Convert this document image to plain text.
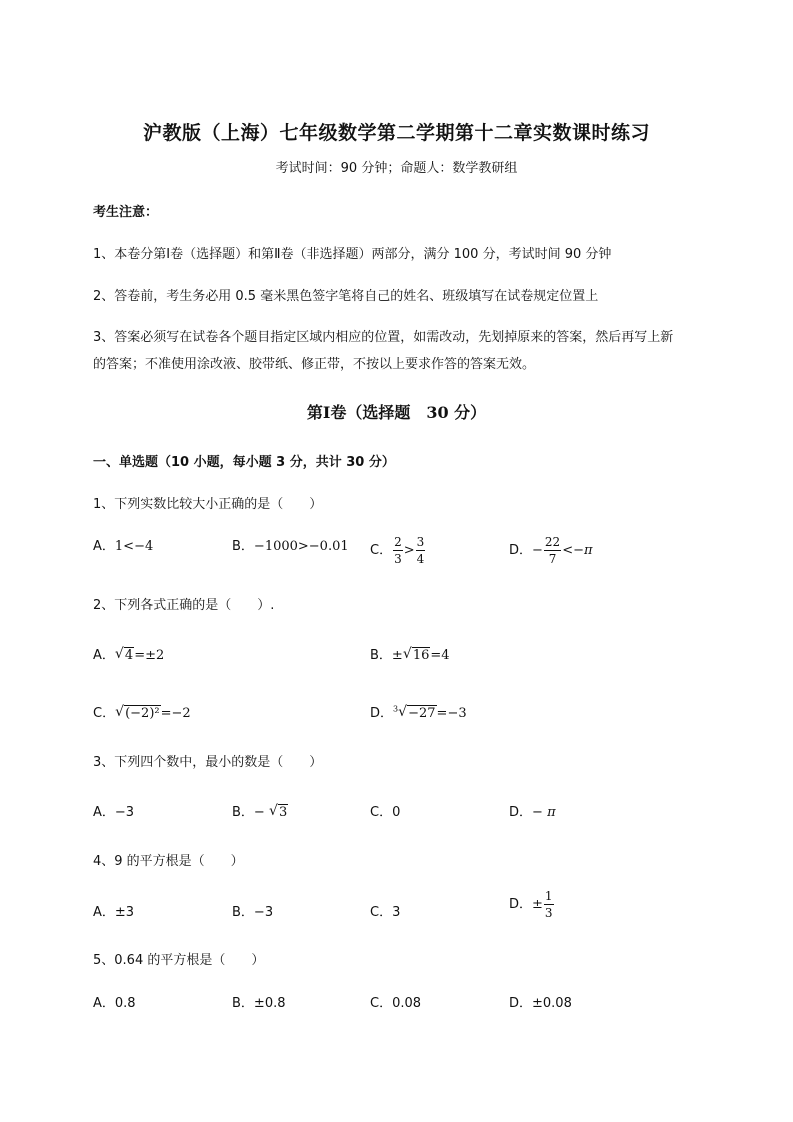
沪教版（上海）七年级数学第二学期第十二章实数课时练习
考试时间：90 分钟；命题人：数学教研组
考生注意：
1、本卷分第Ⅰ卷（选择题）和第Ⅱ卷（非选择题）两部分，满分 100 分，考试时间 90 分钟
2、答卷前，考生务必用 0.5 毫米黑色签字笔将自己的姓名、班级填写在试卷规定位置上
3、答案必须写在试卷各个题目指定区域内相应的位置，如需改动，先划掉原来的答案，然后再写上新
的答案；不准使用涂改液、胶带纸、修正带，不按以上要求作答的答案无效。
第Ⅰ卷（选择题　30 分）
一、单选题（10 小题，每小题 3 分，共计 30 分）
1、下列实数比较大小正确的是（　　）
A．1<−4	B．−1000>−0.01 C． $\frac{2}{3} > \frac{3}{4}$	D．− $\frac{22}{7} <-\pi$
2、下列各式正确的是（　　）.
A． √ 4=±2	B．± √ 16=4
C． √ (−2)²=−2	D．$^3$ √ −27=−3
3、下列四个数中，最小的数是（　　）
A．−3	B．− √ 3	C．0	D．− π
4、9 的平方根是（　　）
A．±3	B．−3	C．3
D．± $\frac{1}{3}$
5、0.64 的平方根是（　　）
A．0.8	B．±0.8	C．0.08	D．±0.08
